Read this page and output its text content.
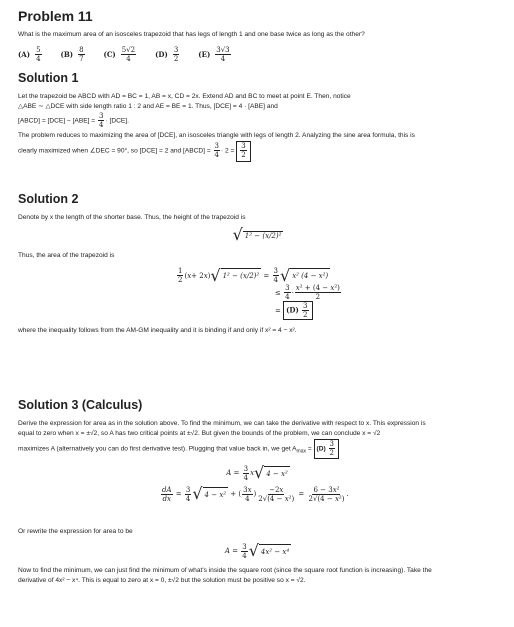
Problem 11

What is the maximum area of an isosceles trapezoid that has legs of length 1 and one base twice as long as the other?

$(A) \frac{5}{4}$	$(B) \frac{8}{7}$	$(C) \frac{5√2}{4}$	$(D) \frac{3}{2}$	$(E) \frac{3√3}{4}$
Solution 1

Let the trapezoid be ABCD with AD = BC = 1, AB = x, CD = 2x. Extend AD and BC to meet at point E. Then, notice

△ABE ∼ △DCE with side length ratio 1 : 2 and AE = BE = 1. Thus, [DCE] = 4 · [ABE] and

[ABCD] = $[DCE] - [ABE] = \frac{3}{4} \cdot [DCE]$.

The problem reduces to maximizing the area of [DCE], an isosceles triangle with legs of length 2. Analyzing the sine area formula, this is

clearly maximized when ∠DEC = 90°, so [DCE] = 2 and [ABCD] = $\frac{3}{4} \cdot 2 = \frac{3}{2}$

Solution 2

Denote by x the length of the shorter base. Thus, the height of the trapezoid is

√ 1² − (x/2)²

Thus, the area of the trapezoid is

$\frac{1}{2}$ ( x + 2 x ) √ $1^2 - (x/2)^2 = \frac{3}{4}$ √ x² (4 − x²)
≤ $\frac{3}{4} \cdot \frac{\text{x² + (4 − x²)}}{2}$
= $(D) \frac{3}{2}$

where the inequality follows from the AM-GM inequality and it is binding if and only if x² = 4 − x².

Solution 3 (Calculus)

Derive the expression for area as in the solution above. To find the minimum, we can take the derivative with respect to x. This expression is

equal to zero when x = ±√2, so A has two critical points at ±√2. But given the bounds of the problem, we can conclude x = √2

maximizes A (alternatively you can do first derivative test). Plugging that value back in, we get $A_{max} = (D) \frac{3}{2}$

$A = \frac{3}{4}$ x √ 4 − x²
$\frac{dA}{dx} = \frac{3}{4}$ √ 4 − x² + ( $\frac{3x}{4}$ ) $\frac{-2x}{\text{2√(4 − x²)}} = \frac{\text{6 − 3x²}}{\text{2√(4 − x²)}}$ .

Or rewrite the expression for area to be

$A = \frac{3}{4}$ √ 4x² − x⁴

Now to find the minimum, we can just find the minimum of what's inside the square root (since the square root function is increasing). Take the

derivative of 4x² − x⁴. This is equal to zero at x = 0, ±√2 but the solution must be positive so x = √2.
